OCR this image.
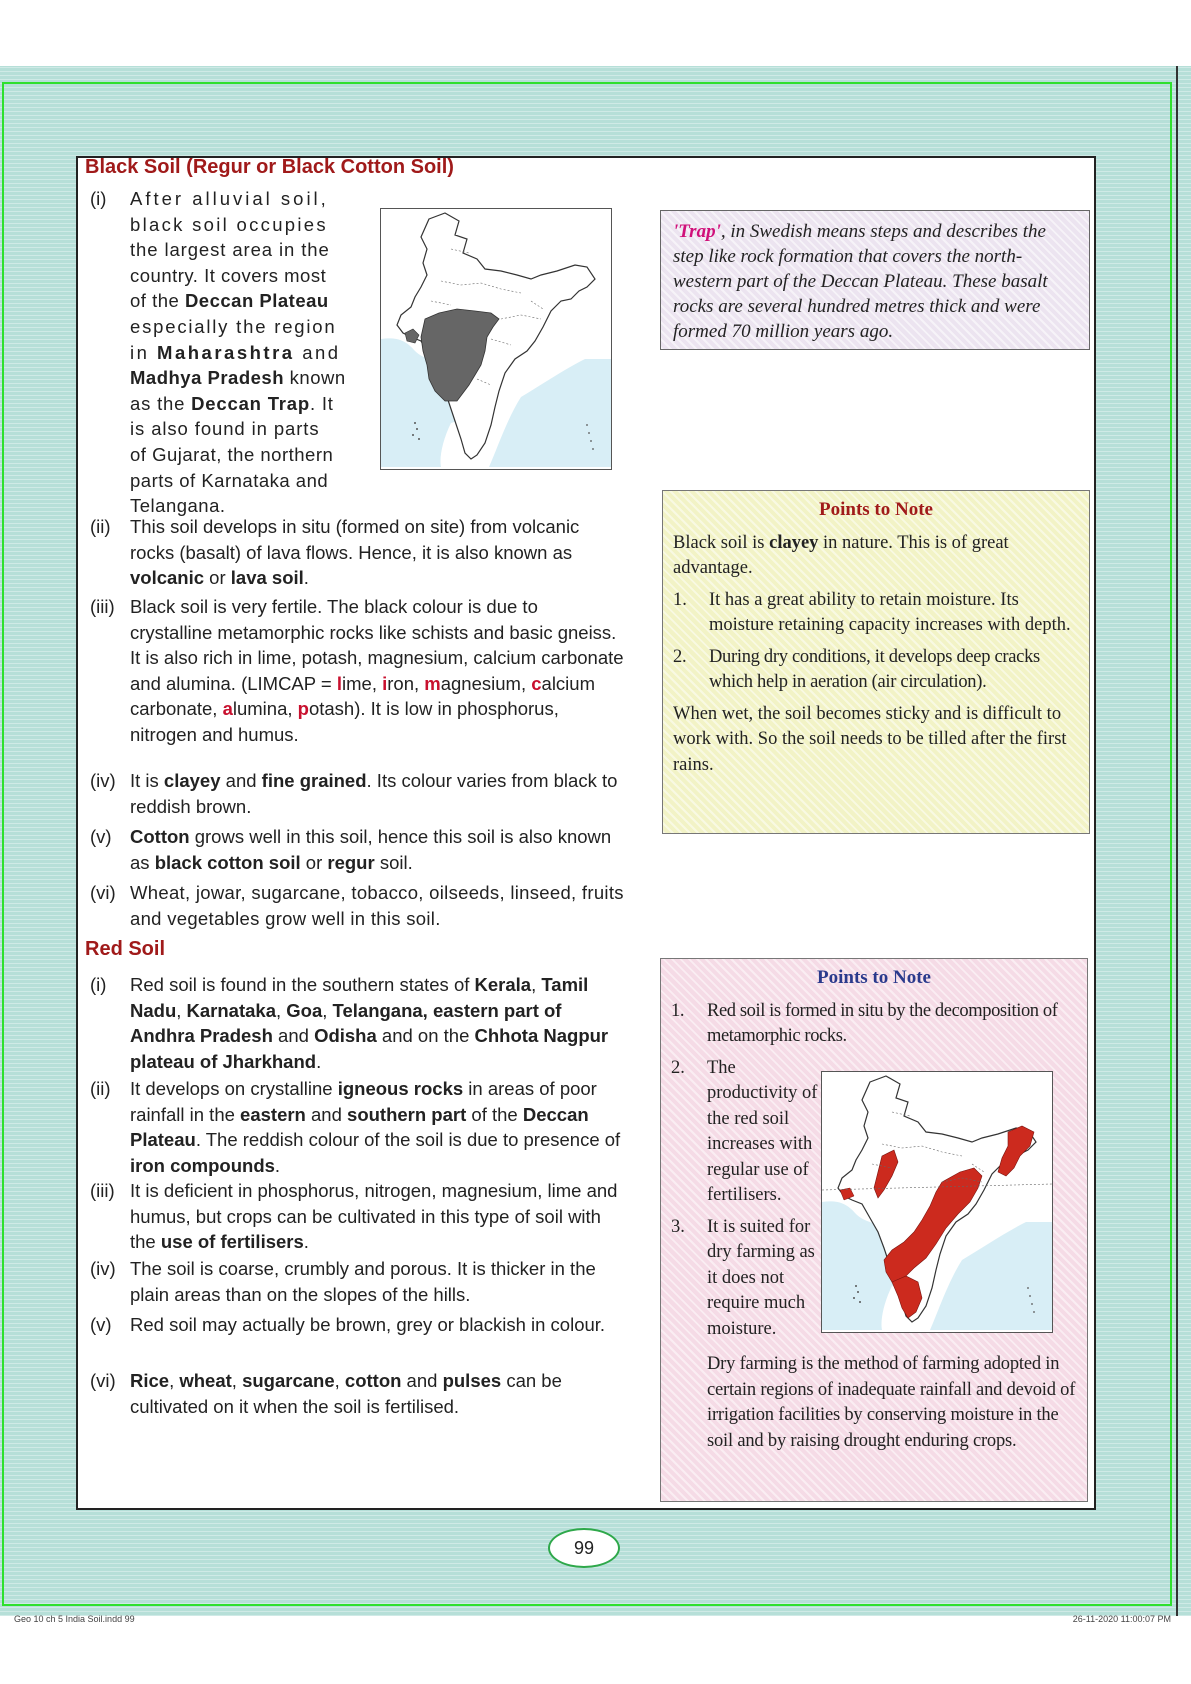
Black Soil (Regur or Black Cotton Soil)
(i) After alluvial soil,
black soil occupies
the largest area in the
country. It covers most
of the Deccan Plateau
especially the region
in Maharashtra and
Madhya Pradesh known
as the Deccan Trap. It
is also found in parts
of Gujarat, the northern
parts of Karnataka and
Telangana.
(ii) This soil develops in situ (formed on site) from volcanic rocks (basalt) of lava flows. Hence, it is also known as volcanic or lava soil.
(iii) Black soil is very fertile. The black colour is due to crystalline metamorphic rocks like schists and basic gneiss. It is also rich in lime, potash, magnesium, calcium carbonate and alumina. (LIMCAP = lime, iron, magnesium, calcium carbonate, alumina, potash). It is low in phosphorus, nitrogen and humus.
(iv) It is clayey and fine grained. Its colour varies from black to reddish brown.
(v) Cotton grows well in this soil, hence this soil is also known as black cotton soil or regur soil.
(vi) Wheat, jowar, sugarcane, tobacco, oilseeds, linseed, fruits and vegetables grow well in this soil.
Red Soil
(i) Red soil is found in the southern states of Kerala, Tamil Nadu, Karnataka, Goa, Telangana, eastern part of Andhra Pradesh and Odisha and on the Chhota Nagpur plateau of Jharkhand.
(ii) It develops on crystalline igneous rocks in areas of poor rainfall in the eastern and southern part of the Deccan Plateau. The reddish colour of the soil is due to presence of iron compounds.
(iii) It is deficient in phosphorus, nitrogen, magnesium, lime and humus, but crops can be cultivated in this type of soil with the use of fertilisers.
(iv) The soil is coarse, crumbly and porous. It is thicker in the plain areas than on the slopes of the hills.
(v) Red soil may actually be brown, grey or blackish in colour.
(vi) Rice, wheat, sugarcane, cotton and pulses can be cultivated on it when the soil is fertilised.
'Trap', in Swedish means steps and describes the step like rock formation that covers the north-western part of the Deccan Plateau. These basalt rocks are several hundred metres thick and were formed 70 million years ago.
Points to Note
Black soil is clayey in nature. This is of great advantage.
1. It has a great ability to retain moisture. Its moisture retaining capacity increases with depth.
2. During dry conditions, it develops deep cracks which help in aeration (air circulation).
When wet, the soil becomes sticky and is difficult to work with. So the soil needs to be tilled after the first rains.
Points to Note
1. Red soil is formed in situ by the decomposition of metamorphic rocks.
2. The productivity of the red soil increases with regular use of fertilisers.
3. It is suited for dry farming as it does not require much moisture.
Dry farming is the method of farming adopted in certain regions of inadequate rainfall and devoid of irrigation facilities by conserving moisture in the soil and by raising drought enduring crops.
99
Geo 10 ch 5 India Soil.indd 99	26-11-2020 11:00:07 PM
